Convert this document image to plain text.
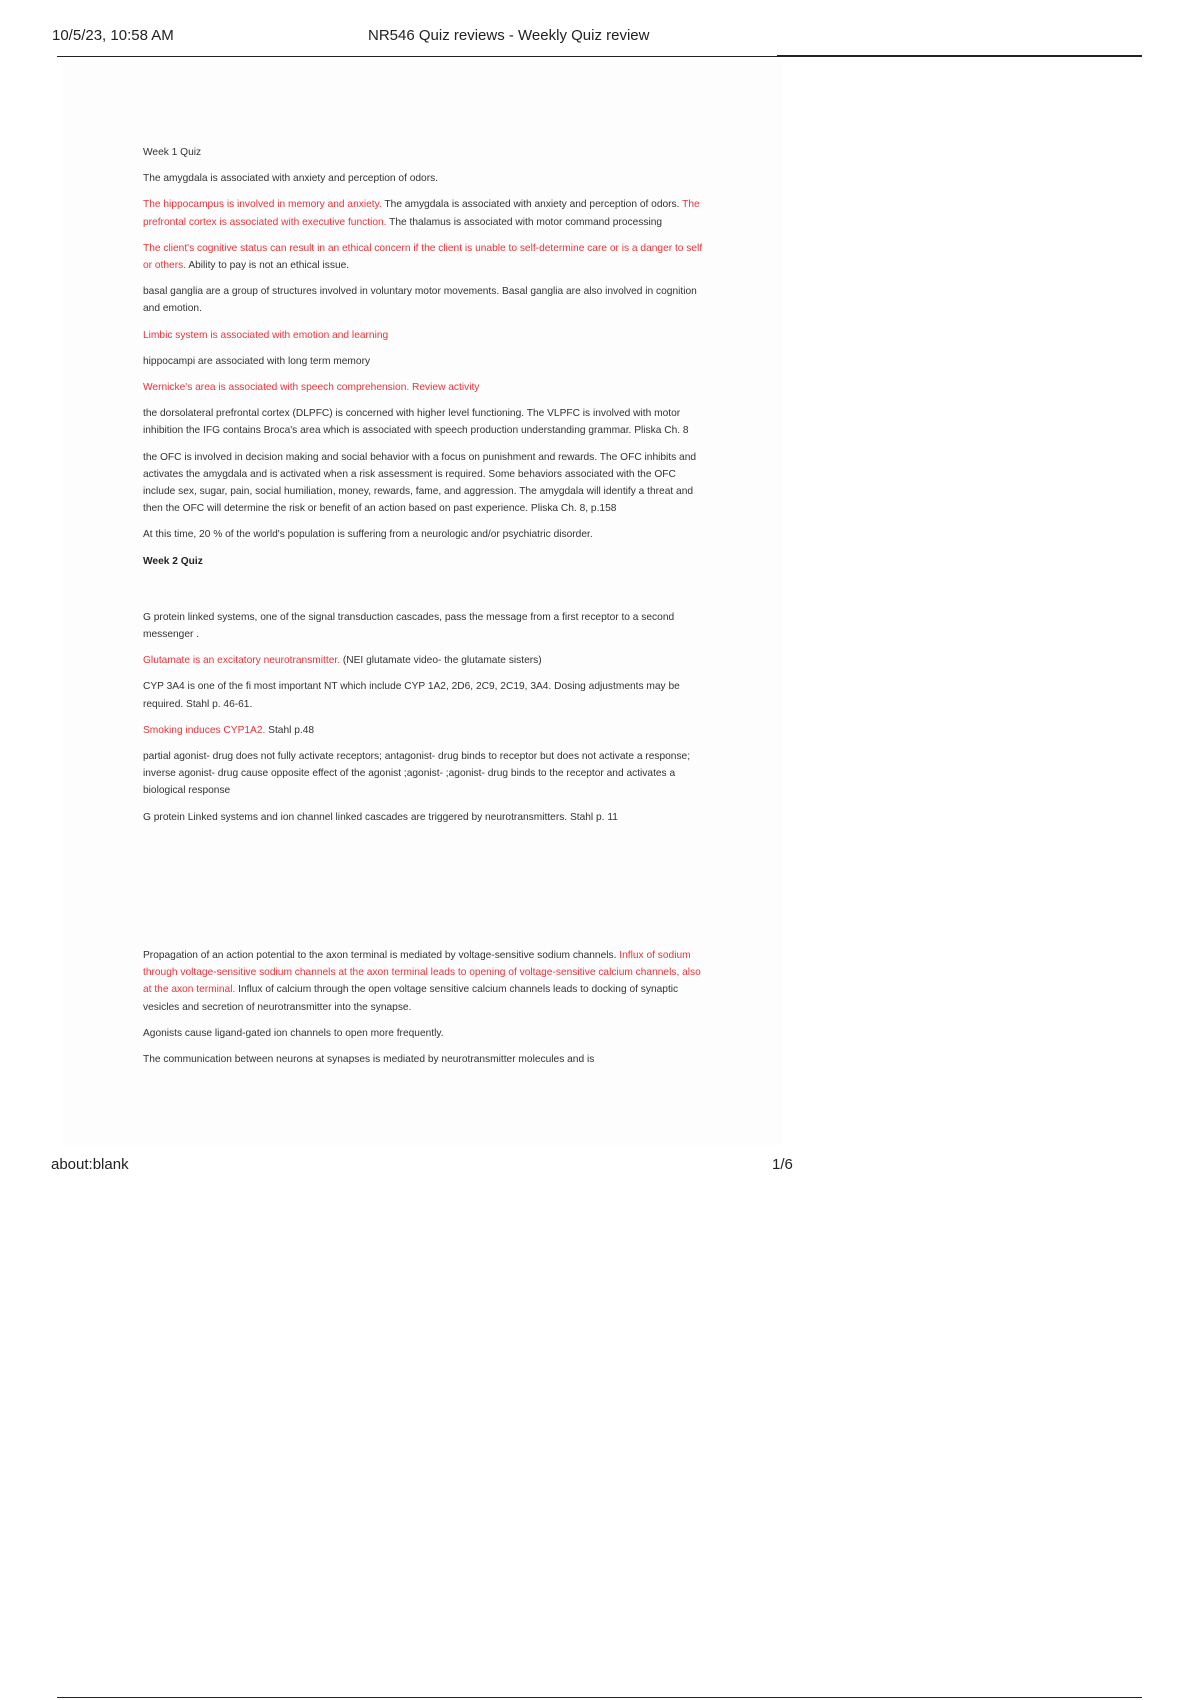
10/5/23, 10:58 AM	NR546 Quiz reviews - Weekly Quiz review

Week 1 Quiz

The amygdala is associated with anxiety and perception of odors.

The hippocampus is involved in memory and anxiety. The amygdala is associated with anxiety and perception of odors. The prefrontal cortex is associated with executive function. The thalamus is associated with motor command processing

The client's cognitive status can result in an ethical concern if the client is unable to self-determine care or is a danger to self or others. Ability to pay is not an ethical issue.

basal ganglia are a group of structures involved in voluntary motor movements. Basal ganglia are also involved in cognition and emotion.

Limbic system is associated with emotion and learning

hippocampi are associated with long term memory

Wernicke's area is associated with speech comprehension. Review activity

the dorsolateral prefrontal cortex (DLPFC) is concerned with higher level functioning. The VLPFC is involved with motor inhibition the IFG contains Broca's area which is associated with speech production understanding grammar. Pliska Ch. 8

the OFC is involved in decision making and social behavior with a focus on punishment and rewards. The OFC inhibits and activates the amygdala and is activated when a risk assessment is required. Some behaviors associated with the OFC include sex, sugar, pain, social humiliation, money, rewards, fame, and aggression. The amygdala will identify a threat and then the OFC will determine the risk or benefit of an action based on past experience. Pliska Ch. 8, p.158

At this time, 20 % of the world's population is suffering from a neurologic and/or psychiatric disorder.

Week 2 Quiz

G protein linked systems, one of the signal transduction cascades, pass the message from a first receptor to a second messenger .

Glutamate is an excitatory neurotransmitter. (NEI glutamate video- the glutamate sisters)

CYP 3A4 is one of the fi most important NT which include CYP 1A2, 2D6, 2C9, 2C19, 3A4. Dosing adjustments may be required. Stahl p. 46-61.

Smoking induces CYP1A2. Stahl p.48

partial agonist- drug does not fully activate receptors; antagonist- drug binds to receptor but does not activate a response; inverse agonist- drug cause opposite effect of the agonist ;agonist- ;agonist- drug binds to the receptor and activates a biological response

G protein Linked systems and ion channel linked cascades are triggered by neurotransmitters. Stahl p. 11

Propagation of an action potential to the axon terminal is mediated by voltage-sensitive sodium channels. Influx of sodium through voltage-sensitive sodium channels at the axon terminal leads to opening of voltage-sensitive calcium channels, also at the axon terminal. Influx of calcium through the open voltage sensitive calcium channels leads to docking of synaptic vesicles and secretion of neurotransmitter into the synapse.

Agonists cause ligand-gated ion channels to open more frequently.

The communication between neurons at synapses is mediated by neurotransmitter molecules and is

about:blank	1/6
